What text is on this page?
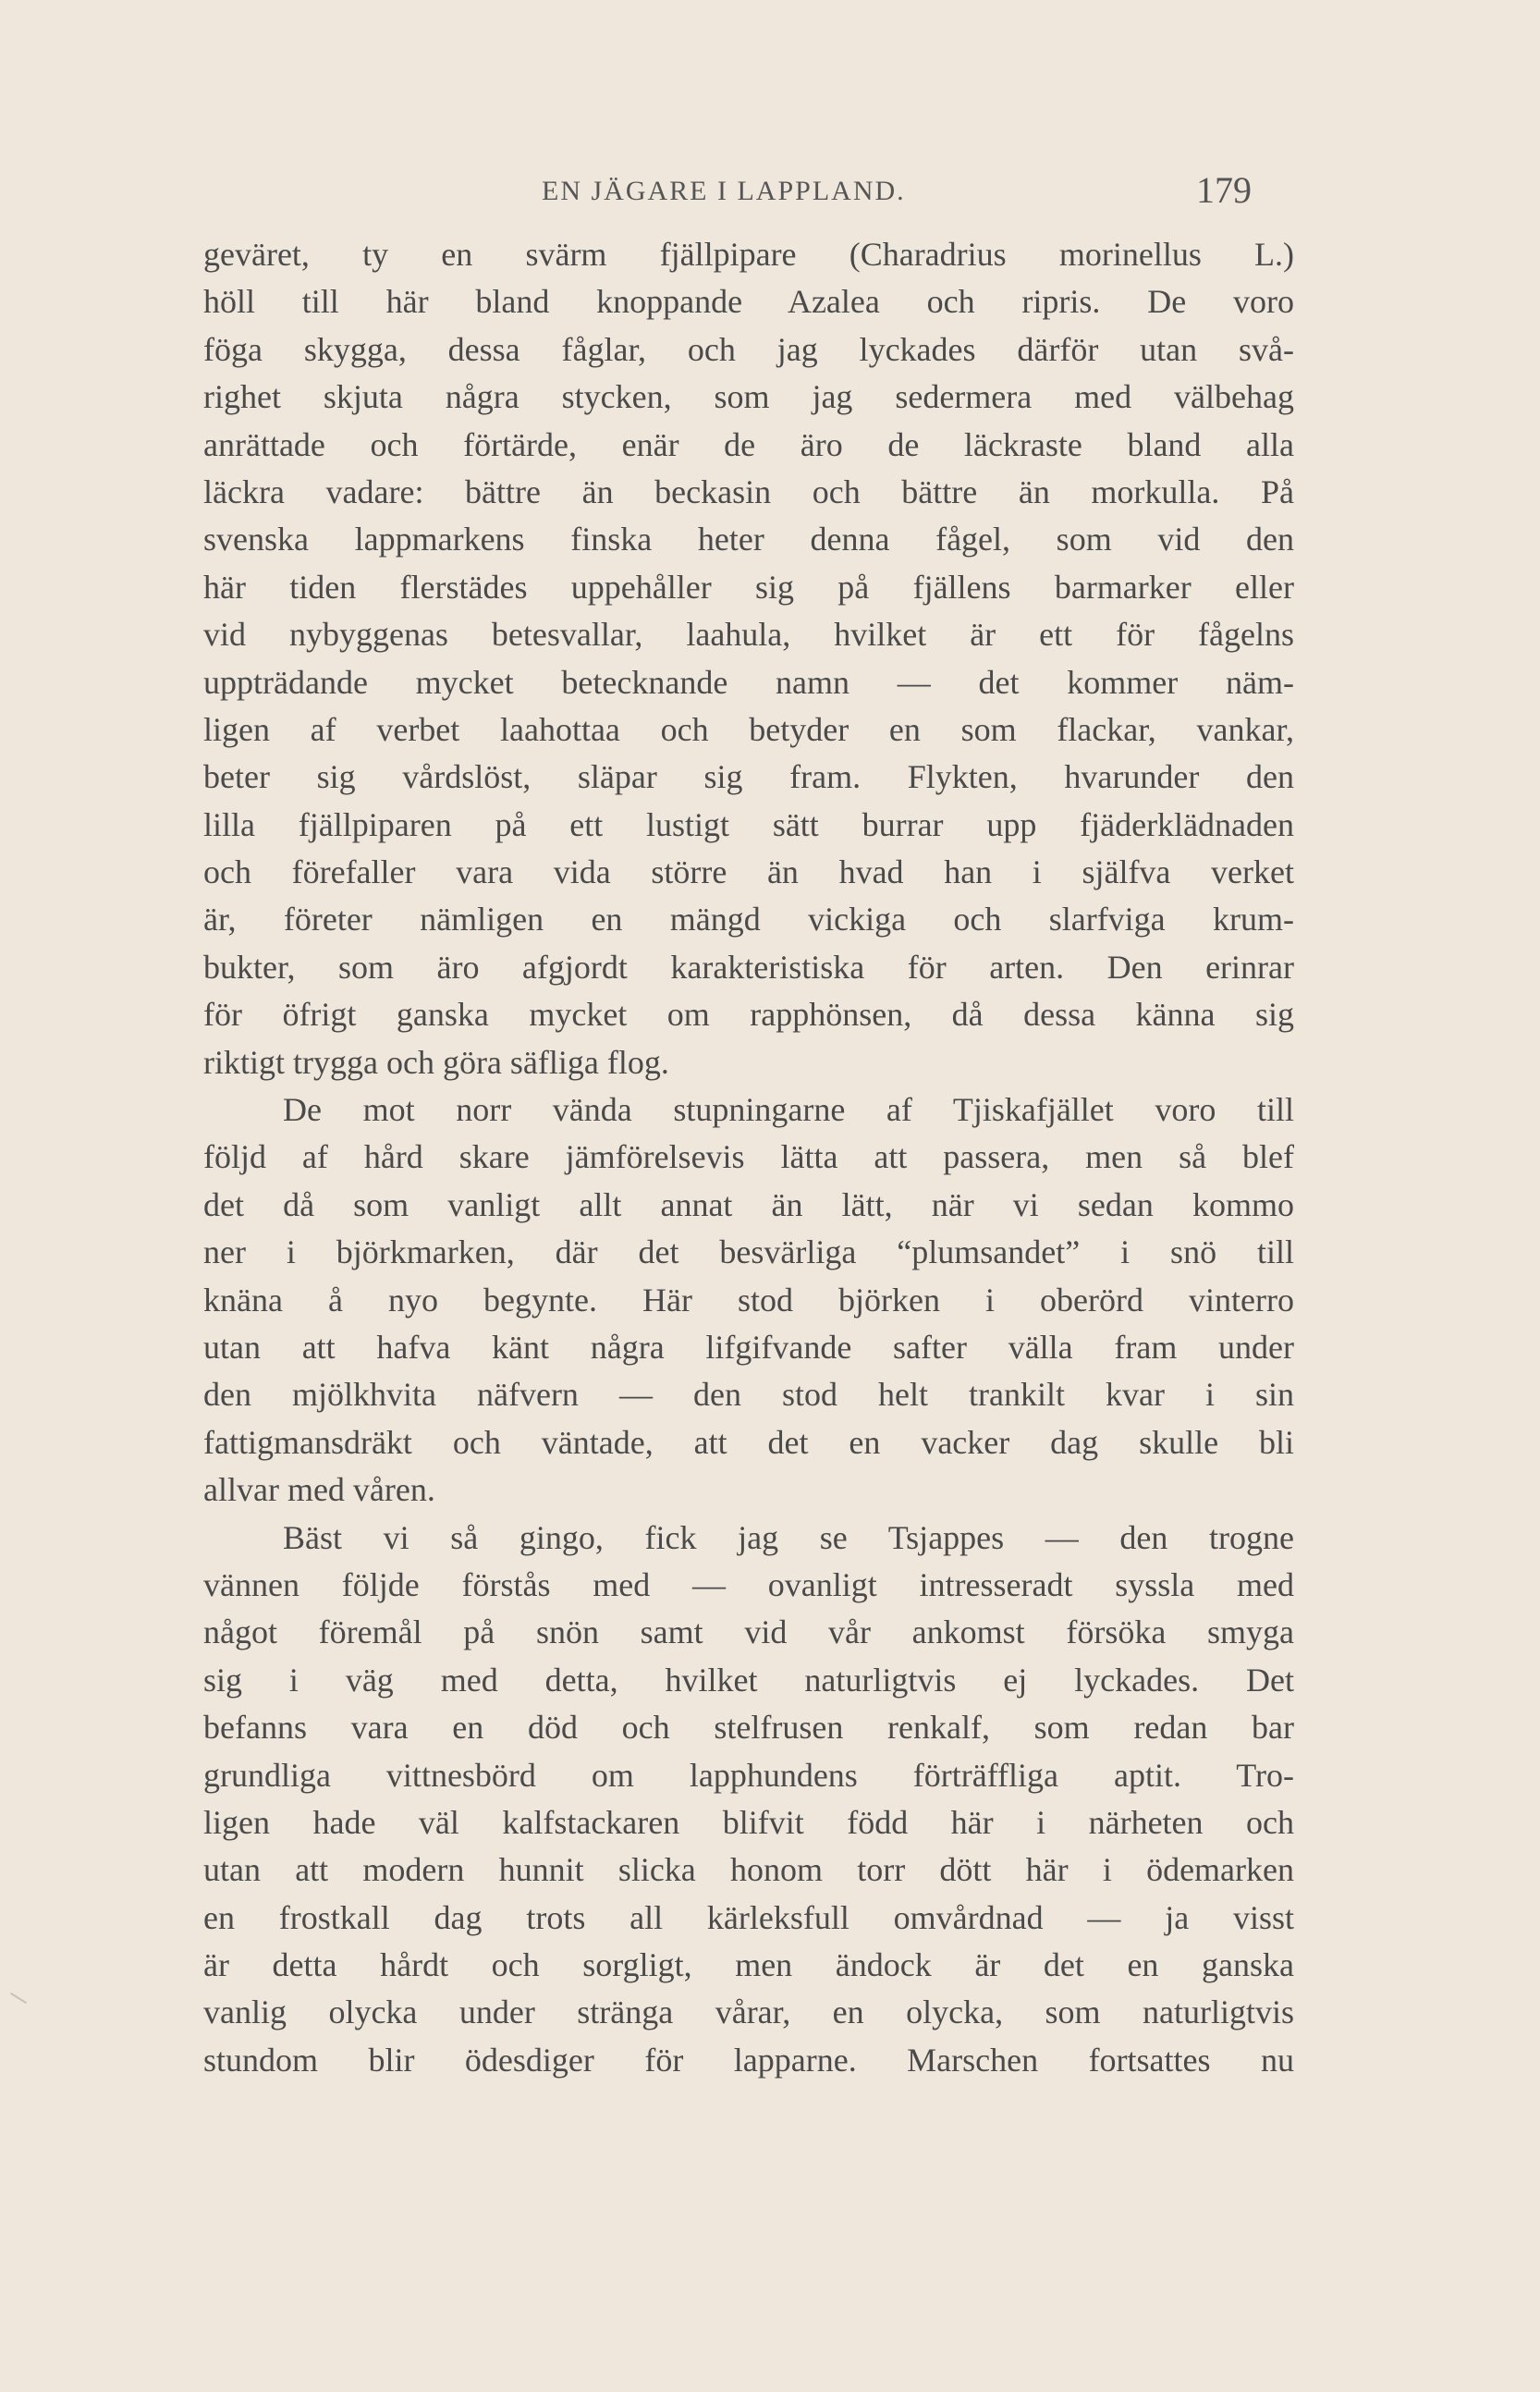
EN JÄGARE I LAPPLAND.	179
geväret, ty en svärm fjällpipare (Charadrius morinellus L.)
höll till här bland knoppande Azalea och ripris. De voro
föga skygga, dessa fåglar, och jag lyckades därför utan svå-
righet skjuta några stycken, som jag sedermera med välbehag
anrättade och förtärde, enär de äro de läckraste bland alla
läckra vadare: bättre än beckasin och bättre än morkulla. På
svenska lappmarkens finska heter denna fågel, som vid den
här tiden flerstädes uppehåller sig på fjällens barmarker eller
vid nybyggenas betesvallar, laahula, hvilket är ett för fågelns
uppträdande mycket betecknande namn — det kommer näm-
ligen af verbet laahottaa och betyder en som flackar, vankar,
beter sig vårdslöst, släpar sig fram. Flykten, hvarunder den
lilla fjällpiparen på ett lustigt sätt burrar upp fjäderklädnaden
och förefaller vara vida större än hvad han i själfva verket
är, företer nämligen en mängd vickiga och slarfviga krum-
bukter, som äro afgjordt karakteristiska för arten. Den erinrar
för öfrigt ganska mycket om rapphönsen, då dessa känna sig
riktigt trygga och göra säfliga flog.
De mot norr vända stupningarne af Tjiskafjället voro till
följd af hård skare jämförelsevis lätta att passera, men så blef
det då som vanligt allt annat än lätt, när vi sedan kommo
ner i björkmarken, där det besvärliga “plumsandet” i snö till
knäna å nyo begynte. Här stod björken i oberörd vinterro
utan att hafva känt några lifgifvande safter välla fram under
den mjölkhvita näfvern — den stod helt trankilt kvar i sin
fattigmansdräkt och väntade, att det en vacker dag skulle bli
allvar med våren.
Bäst vi så gingo, fick jag se Tsjappes — den trogne
vännen följde förstås med — ovanligt intresseradt syssla med
något föremål på snön samt vid vår ankomst försöka smyga
sig i väg med detta, hvilket naturligtvis ej lyckades. Det
befanns vara en död och stelfrusen renkalf, som redan bar
grundliga vittnesbörd om lapphundens förträffliga aptit. Tro-
ligen hade väl kalfstackaren blifvit född här i närheten och
utan att modern hunnit slicka honom torr dött här i ödemarken
en frostkall dag trots all kärleksfull omvårdnad — ja visst
är detta hårdt och sorgligt, men ändock är det en ganska
vanlig olycka under stränga vårar, en olycka, som naturligtvis
stundom blir ödesdiger för lapparne. Marschen fortsattes nu
